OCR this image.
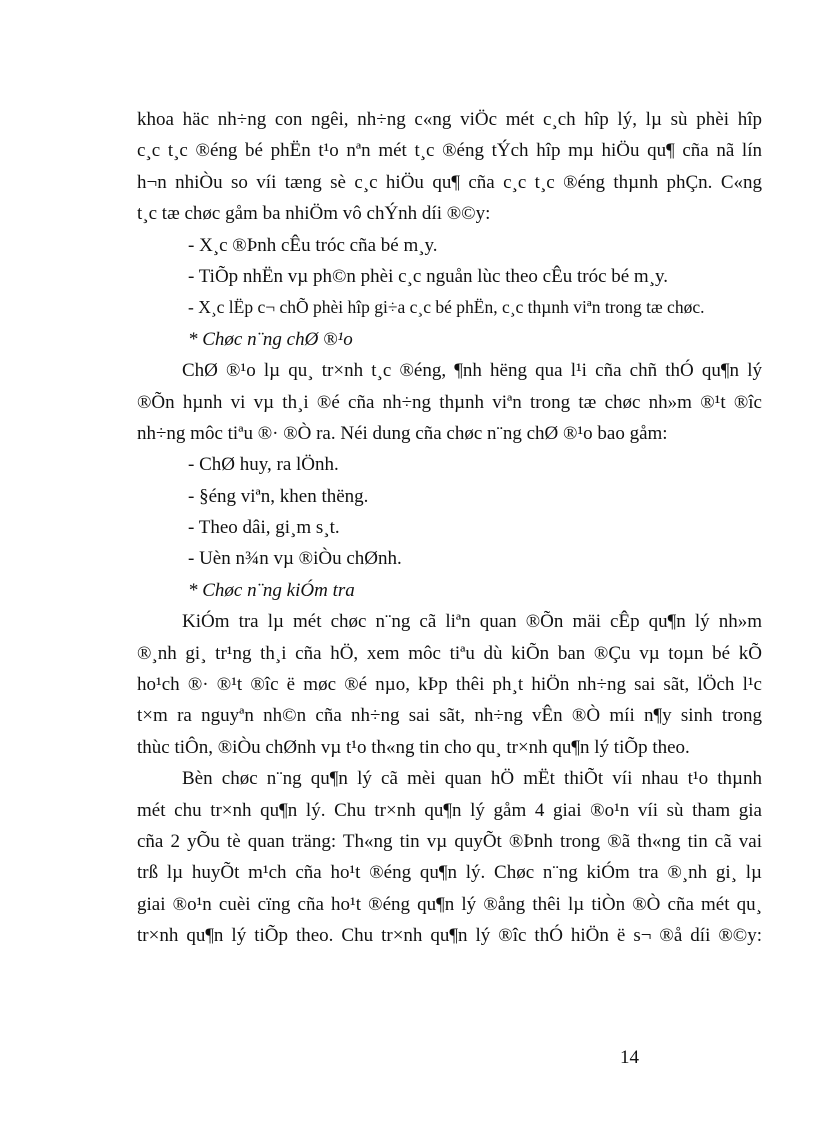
khoa häc nh÷ng con ngêi, nh÷ng c«ng viÖc mét c¸ch hîp lý, lµ sù phèi hîp
c¸c t¸c ®éng bé phËn t¹o nªn mét t¸c ®éng tÝch hîp mµ hiÖu qu¶ cña nã lín
h¬n nhiÒu so víi tæng sè c¸c hiÖu qu¶ cña c¸c t¸c ®éng thµnh phÇn. C«ng
t¸c tæ chøc gåm ba nhiÖm vô chÝnh díi ®©y:
- X¸c ®Þnh cÊu tróc cña bé m¸y.
- TiÕp nhËn vµ ph©n phèi c¸c nguån lùc theo cÊu tróc bé m¸y.
- X¸c lËp c¬ chÕ phèi hîp gi÷a c¸c bé phËn, c¸c thµnh viªn trong tæ chøc.
* Chøc n¨ng chØ ®¹o
ChØ ®¹o lµ qu¸ tr×nh t¸c ®éng, ¶nh hëng qua l¹i cña chñ thÓ qu¶n lý
®Õn hµnh vi vµ th¸i ®é cña nh÷ng thµnh viªn trong tæ chøc nh»m ®¹t ®îc
nh÷ng môc tiªu ®· ®Ò ra. Néi dung cña chøc n¨ng chØ ®¹o bao gåm:
- ChØ huy, ra lÖnh.
- §éng viªn, khen thëng.
- Theo dâi, gi¸m s¸t.
- Uèn n¾n vµ ®iÒu chØnh.
* Chøc n¨ng kiÓm tra
KiÓm tra lµ mét chøc n¨ng cã liªn quan ®Õn mäi cÊp qu¶n lý nh»m
®¸nh gi¸ tr¹ng th¸i cña hÖ, xem môc tiªu dù kiÕn ban ®Çu vµ toµn bé kÕ
ho¹ch ®· ®¹t ®îc ë møc ®é nµo, kÞp thêi ph¸t hiÖn nh÷ng sai sãt, lÖch l¹c
t×m ra nguyªn nh©n cña nh÷ng sai sãt, nh÷ng vÊn ®Ò míi n¶y sinh trong
thùc tiÔn, ®iÒu chØnh vµ t¹o th«ng tin cho qu¸ tr×nh qu¶n lý tiÕp theo.
Bèn chøc n¨ng qu¶n lý cã mèi quan hÖ mËt thiÕt víi nhau t¹o thµnh
mét chu tr×nh qu¶n lý. Chu tr×nh qu¶n lý gåm 4 giai ®o¹n víi sù tham gia
cña 2 yÕu tè quan träng: Th«ng tin vµ quyÕt ®Þnh trong ®ã th«ng tin cã vai
trß lµ huyÕt m¹ch cña ho¹t ®éng qu¶n lý. Chøc n¨ng kiÓm tra ®¸nh gi¸ lµ
giai ®o¹n cuèi cïng cña ho¹t ®éng qu¶n lý ®ång thêi lµ tiÒn ®Ò cña mét qu¸
tr×nh qu¶n lý tiÕp theo. Chu tr×nh qu¶n lý ®îc thÓ hiÖn ë s¬ ®å díi ®©y:
14
